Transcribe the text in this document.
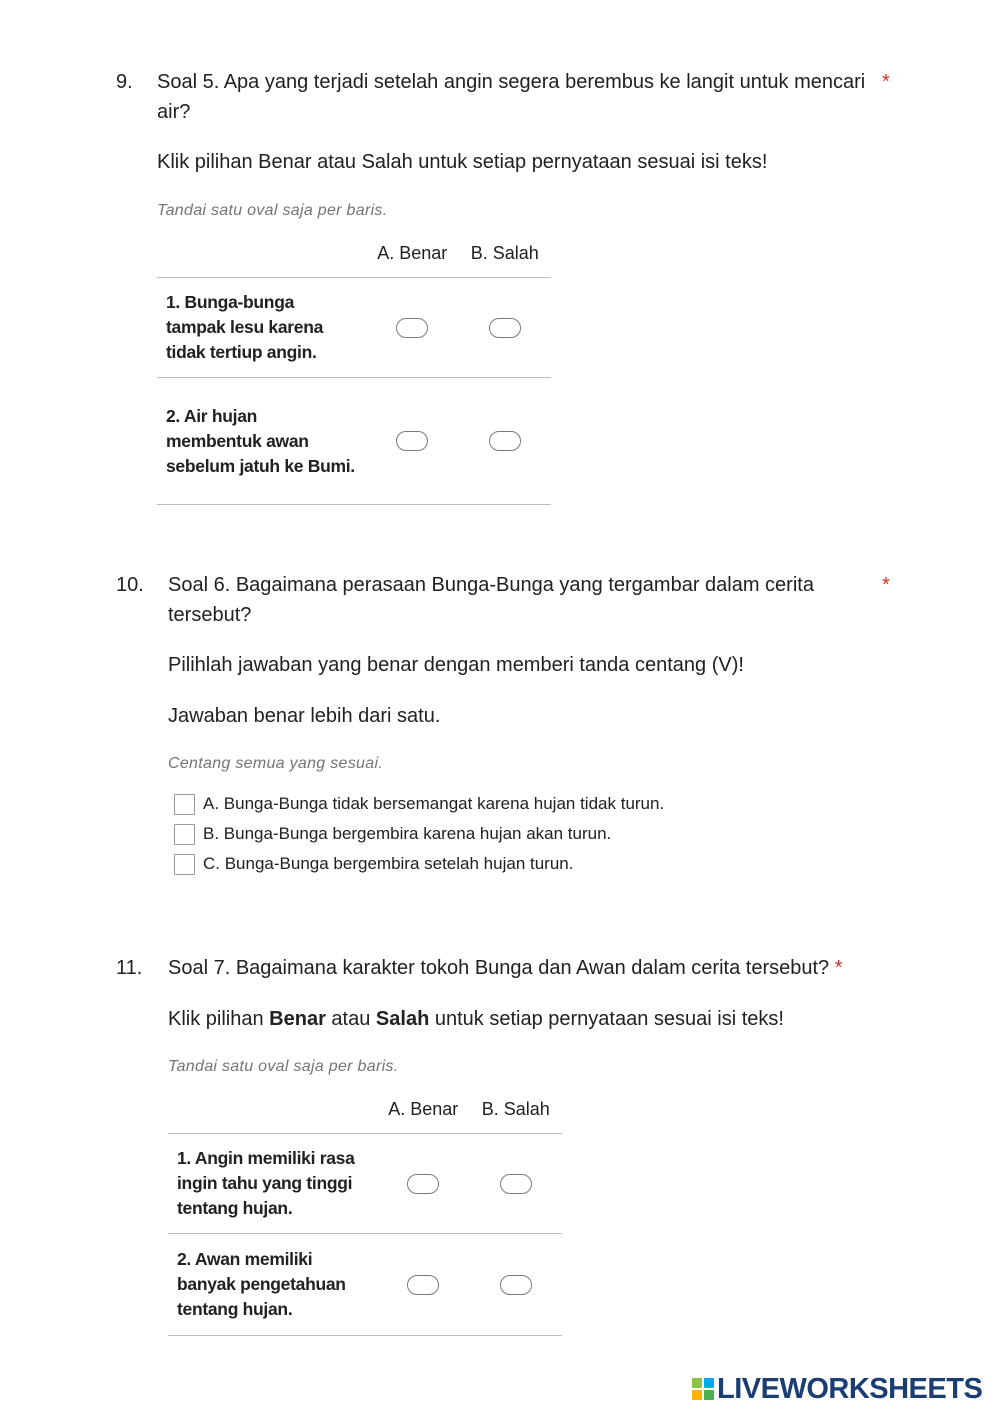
9. Soal 5. Apa yang terjadi setelah angin segera berembus ke langit untuk mencari
air?
*
Klik pilihan Benar atau Salah untuk setiap pernyataan sesuai isi teks!
Tandai satu oval saja per baris.
	A. Benar	B. Salah
1. Bunga-bunga tampak lesu karena tidak tertiup angin.		
2. Air hujan membentuk awan sebelum jatuh ke Bumi.		
10. Soal 6. Bagaimana perasaan Bunga-Bunga yang tergambar dalam cerita
tersebut?
*
Pilihlah jawaban yang benar dengan memberi tanda centang (V)!
Jawaban benar lebih dari satu.
Centang semua yang sesuai.
A. Bunga-Bunga tidak bersemangat karena hujan tidak turun.
B. Bunga-Bunga bergembira karena hujan akan turun.
C. Bunga-Bunga bergembira setelah hujan turun.
11. Soal 7. Bagaimana karakter tokoh Bunga dan Awan dalam cerita tersebut? *
Klik pilihan Benar atau Salah untuk setiap pernyataan sesuai isi teks!
Tandai satu oval saja per baris.
	A. Benar	B. Salah
1. Angin memiliki rasa ingin tahu yang tinggi tentang hujan.		
2. Awan memiliki banyak pengetahuan tentang hujan.		
LIVEWORKSHEETS
